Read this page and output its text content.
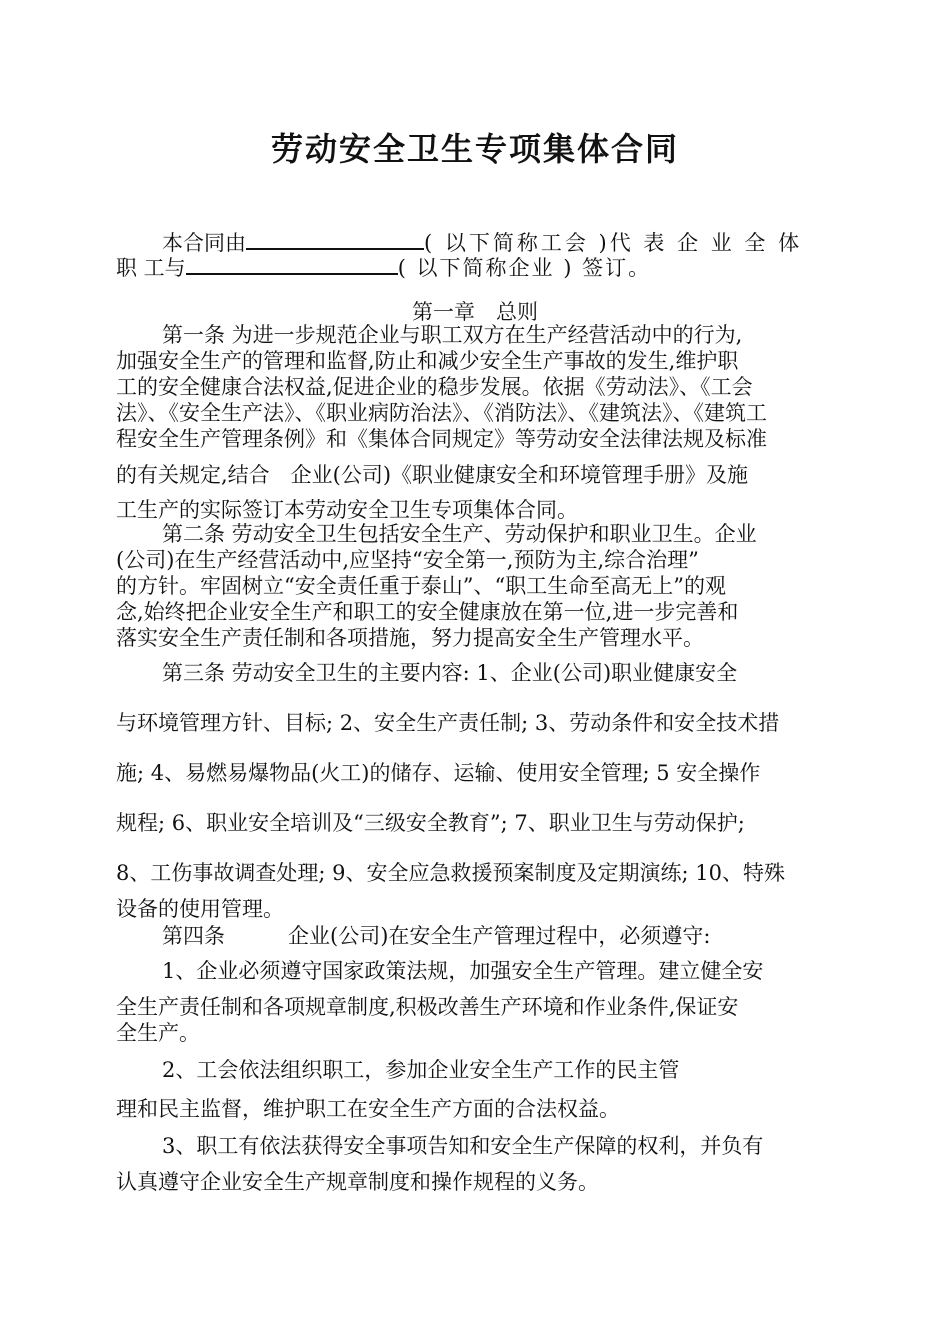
劳动安全卫生专项集体合同
本合同由	( 以下简称工会 )代 表 企 业 全 体
职 工与	( 以下简称企业 ) 签订。
第一章　总则
第一条 为进一步规范企业与职工双方在生产经营活动中的行为,
加强安全生产的管理和监督,防止和减少安全生产事故的发生,维护职
工的安全健康合法权益,促进企业的稳步发展。依据《劳动法》、《工会
法》、《安全生产法》、《职业病防治法》、《消防法》、《建筑法》、《建筑工
程安全生产管理条例》和《集体合同规定》等劳动安全法律法规及标准
的有关规定,结合　企业(公司)《职业健康安全和环境管理手册》及施
工生产的实际签订本劳动安全卫生专项集体合同。
第二条 劳动安全卫生包括安全生产、劳动保护和职业卫生。企业
(公司)在生产经营活动中,应坚持“安全第一,预防为主,综合治理”
的方针。牢固树立“安全责任重于泰山”、“职工生命至高无上”的观
念,始终把企业安全生产和职工的安全健康放在第一位,进一步完善和
落实安全生产责任制和各项措施，努力提高安全生产管理水平。
第三条 劳动安全卫生的主要内容: 1、企业(公司)职业健康安全
与环境管理方针、目标; 2、安全生产责任制; 3、劳动条件和安全技术措
施; 4、易燃易爆物品(火工)的储存、运输、使用安全管理; 5 安全操作
规程; 6、职业安全培训及“三级安全教育”; 7、职业卫生与劳动保护;
8、工伤事故调查处理; 9、安全应急救援预案制度及定期演练; 10、特殊
设备的使用管理。
第四条　　　企业(公司)在安全生产管理过程中，必须遵守:
1、企业必须遵守国家政策法规，加强安全生产管理。建立健全安
全生产责任制和各项规章制度,积极改善生产环境和作业条件,保证安
全生产。
2、工会依法组织职工，参加企业安全生产工作的民主管
理和民主监督，维护职工在安全生产方面的合法权益。
3、职工有依法获得安全事项告知和安全生产保障的权利，并负有
认真遵守企业安全生产规章制度和操作规程的义务。
